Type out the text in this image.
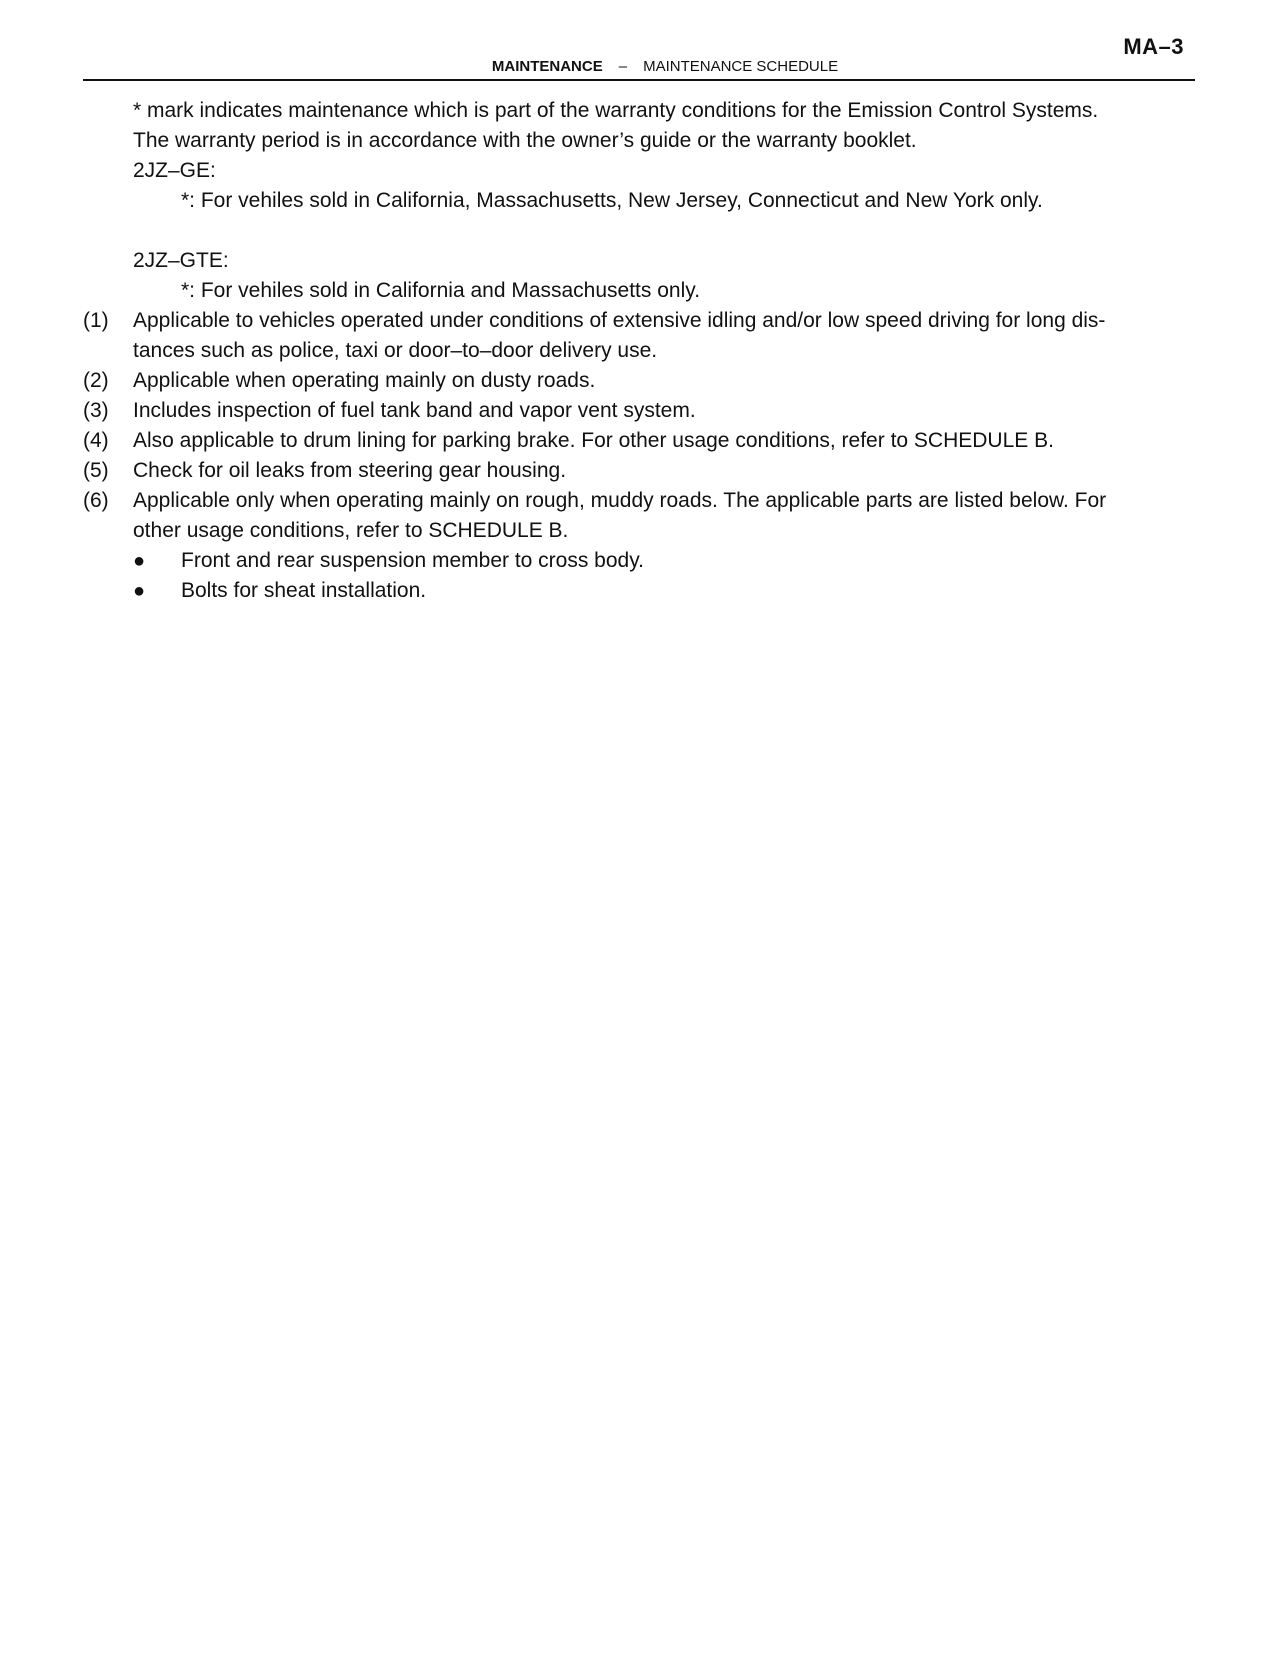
MA–3
MAINTENANCE – MAINTENANCE SCHEDULE
* mark indicates maintenance which is part of the warranty conditions for the Emission Control Systems.
The warranty period is in accordance with the owner’s guide or the warranty booklet.
2JZ–GE:
*: For vehiles sold in California, Massachusetts, New Jersey, Connecticut and New York only.
2JZ–GTE:
*: For vehiles sold in California and Massachusetts only.
(1)	Applicable to vehicles operated under conditions of extensive idling and/or low speed driving for long dis-
tances such as police, taxi or door–to–door delivery use.
(2)	Applicable when operating mainly on dusty roads.
(3)	Includes inspection of fuel tank band and vapor vent system.
(4)	Also applicable to drum lining for parking brake. For other usage conditions, refer to SCHEDULE B.
(5)	Check for oil leaks from steering gear housing.
(6)	Applicable only when operating mainly on rough, muddy roads. The applicable parts are listed below. For
other usage conditions, refer to SCHEDULE B.
●	Front and rear suspension member to cross body.
●	Bolts for sheat installation.
